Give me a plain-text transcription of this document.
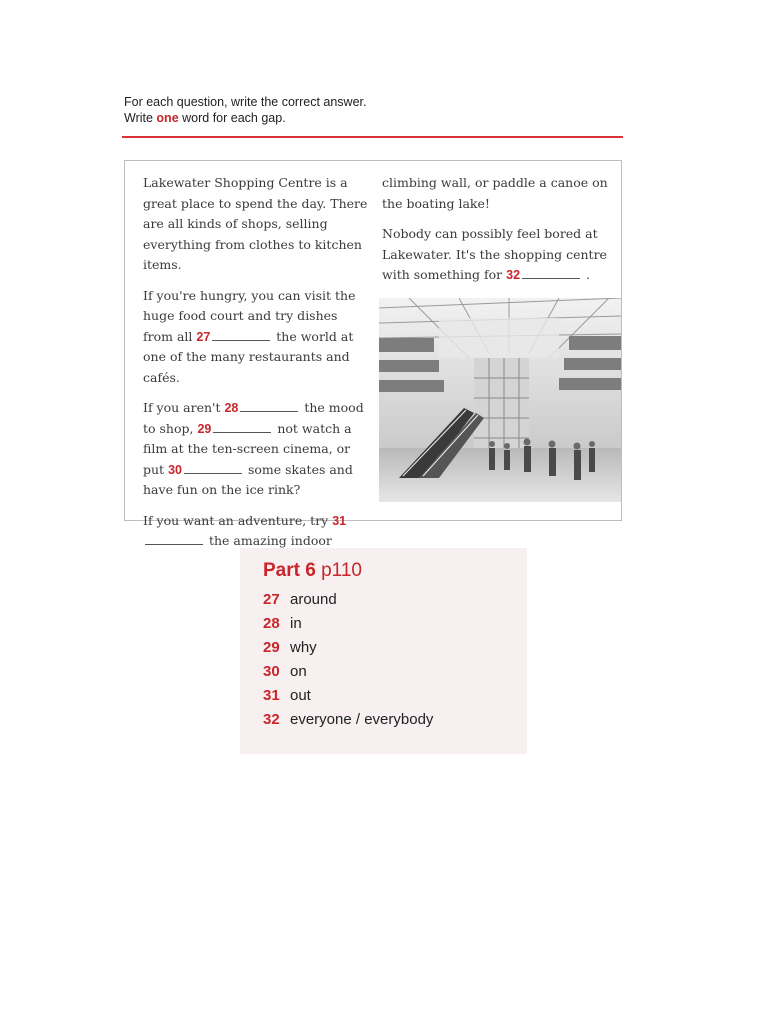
For each question, write the correct answer.
Write one word for each gap.

Lakewater Shopping Centre is a great place to spend the day. There are all kinds of shops, selling everything from clothes to kitchen items.

If you're hungry, you can visit the huge food court and try dishes from all 27	the world at one of the many restaurants and cafés.

If you aren't 28	the mood to shop, 29	not watch a film at the ten-screen cinema, or put 30	some skates and have fun on the ice rink?

If you want an adventure, try 31 the amazing indoor

climbing wall, or paddle a canoe on the boating lake!

Nobody can possibly feel bored at Lakewater. It's the shopping centre with something for 32	.

Part 6 p110
27 around
28 in
29 why
30 on
31 out
32 everyone / everybody
